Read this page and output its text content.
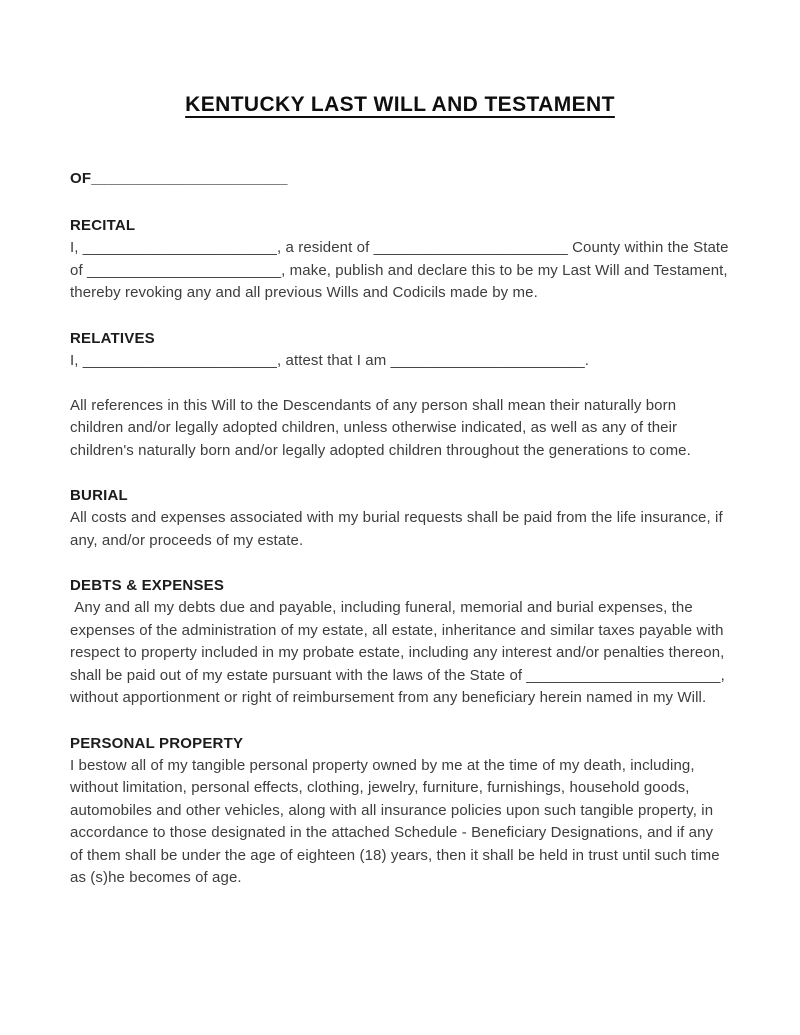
KENTUCKY LAST WILL AND TESTAMENT

OF_______________________

RECITAL

I, _______________________, a resident of _______________________ County within the State of _______________________, make, publish and declare this to be my Last Will and Testament, thereby revoking any and all previous Wills and Codicils made by me.

RELATIVES

I, _______________________, attest that I am _______________________.

All references in this Will to the Descendants of any person shall mean their naturally born children and/or legally adopted children, unless otherwise indicated, as well as any of their children's naturally born and/or legally adopted children throughout the generations to come.

BURIAL

All costs and expenses associated with my burial requests shall be paid from the life insurance, if any, and/or proceeds of my estate.

DEBTS & EXPENSES

Any and all my debts due and payable, including funeral, memorial and burial expenses, the expenses of the administration of my estate, all estate, inheritance and similar taxes payable with respect to property included in my probate estate, including any interest and/or penalties thereon, shall be paid out of my estate pursuant with the laws of the State of _______________________, without apportionment or right of reimbursement from any beneficiary herein named in my Will.

PERSONAL PROPERTY

I bestow all of my tangible personal property owned by me at the time of my death, including, without limitation, personal effects, clothing, jewelry, furniture, furnishings, household goods, automobiles and other vehicles, along with all insurance policies upon such tangible property, in accordance to those designated in the attached Schedule - Beneficiary Designations, and if any of them shall be under the age of eighteen (18) years, then it shall be held in trust until such time as (s)he becomes of age.
